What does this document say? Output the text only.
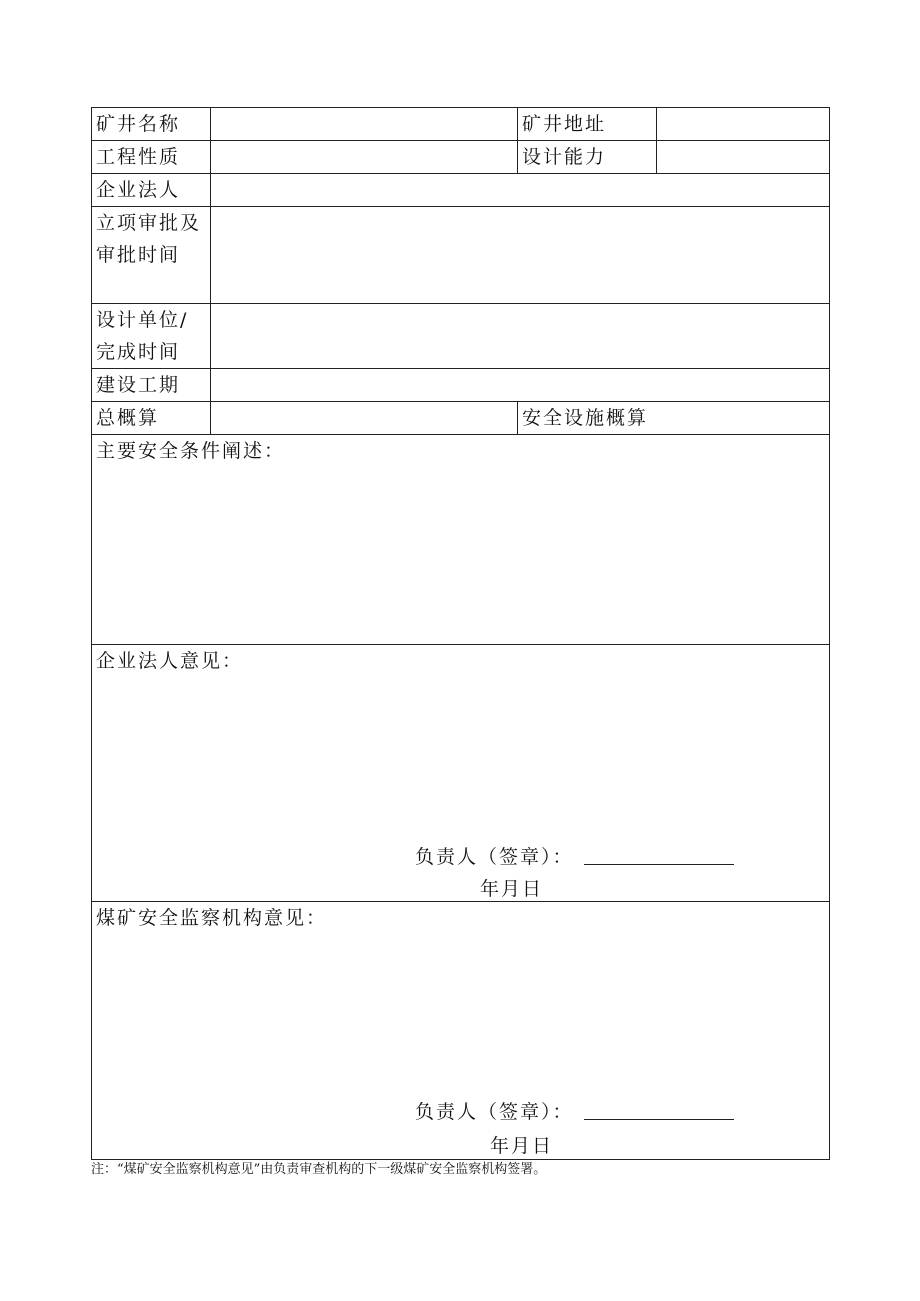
矿井名称		矿井地址	
工程性质		设计能力	
企业法人			
立项审批及审批时间			
设计单位/完成时间			
建设工期			
总概算		安全设施概算	
主要安全条件阐述：			
企业法人意见：
负责人（签章）：
年月日			

煤矿安全监察机构意见：
负责人（签章）：
年月日			
注：“煤矿安全监察机构意见”由负责审查机构的下一级煤矿安全监察机构签署。
